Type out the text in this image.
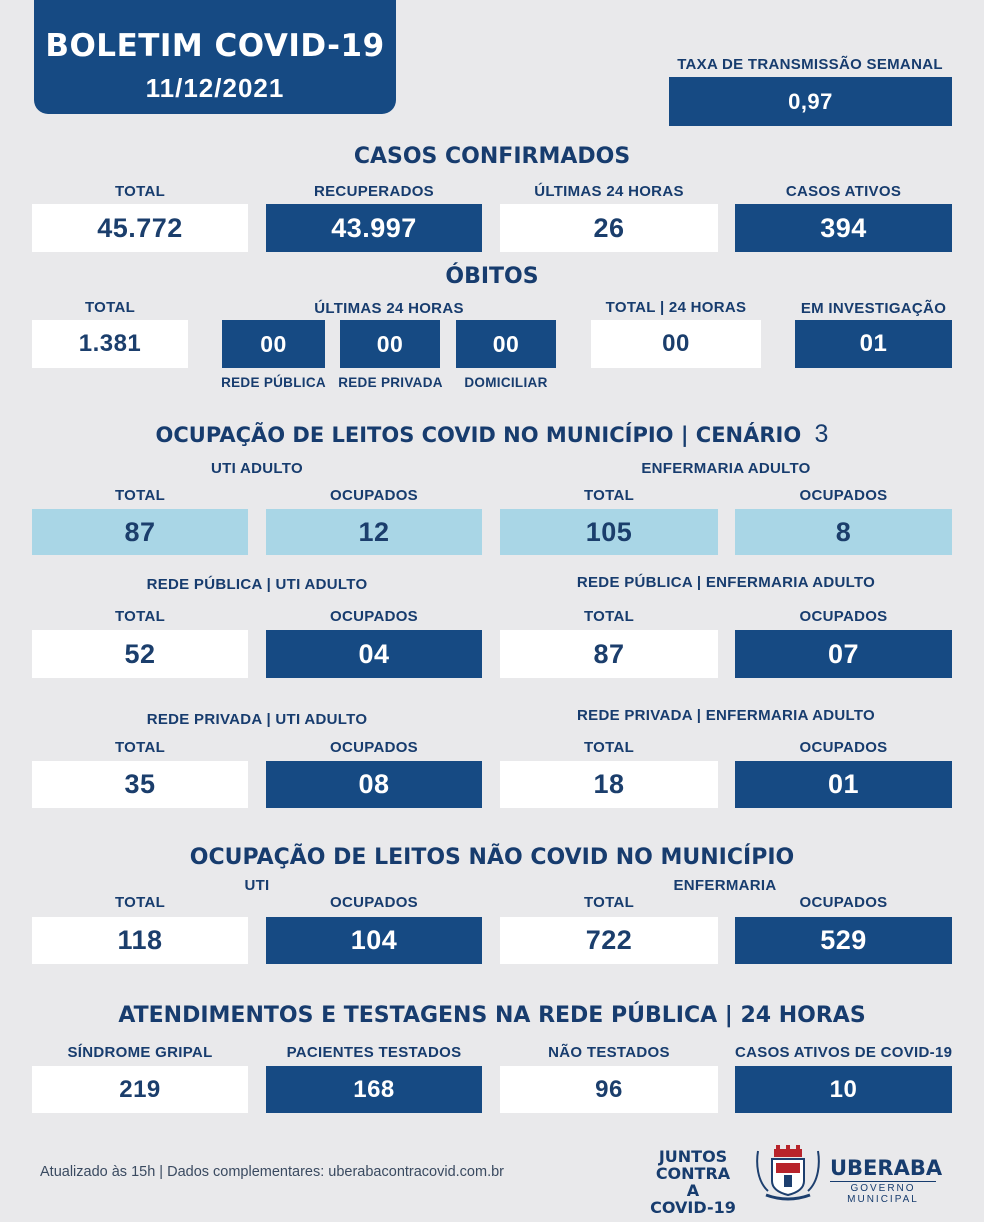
BOLETIM COVID-19
11/12/2021
TAXA DE TRANSMISSÃO SEMANAL
0,97
CASOS CONFIRMADOS
TOTAL
45.772
RECUPERADOS
43.997
ÚLTIMAS 24 HORAS
26
CASOS ATIVOS
394
ÓBITOS
TOTAL
1.381
ÚLTIMAS 24 HORAS
00
REDE PÚBLICA
00
REDE PRIVADA
00
DOMICILIAR
TOTAL | 24 HORAS
00
EM INVESTIGAÇÃO
01
OCUPAÇÃO DE LEITOS COVID NO MUNICÍPIO | CENÁRIO 3
UTI ADULTO	ENFERMARIA ADULTO
TOTAL
87
OCUPADOS
12
TOTAL
105
OCUPADOS
8
REDE PÚBLICA | UTI ADULTO	REDE PÚBLICA | ENFERMARIA ADULTO
TOTAL
52
OCUPADOS
04
TOTAL
87
OCUPADOS
07
REDE PRIVADA | UTI ADULTO	REDE PRIVADA | ENFERMARIA ADULTO
TOTAL
35
OCUPADOS
08
TOTAL
18
OCUPADOS
01
OCUPAÇÃO DE LEITOS NÃO COVID NO MUNICÍPIO
UTI	ENFERMARIA
TOTAL
118
OCUPADOS
104
TOTAL
722
OCUPADOS
529
ATENDIMENTOS E TESTAGENS NA REDE PÚBLICA | 24 HORAS
SÍNDROME GRIPAL
219
PACIENTES TESTADOS
168
NÃO TESTADOS
96
CASOS ATIVOS DE COVID-19
10
Atualizado às 15h | Dados complementares: uberabacontracovid.com.br
JUNTOS
CONTRA A
COVID-19
UBERABA
GOVERNO MUNICIPAL
